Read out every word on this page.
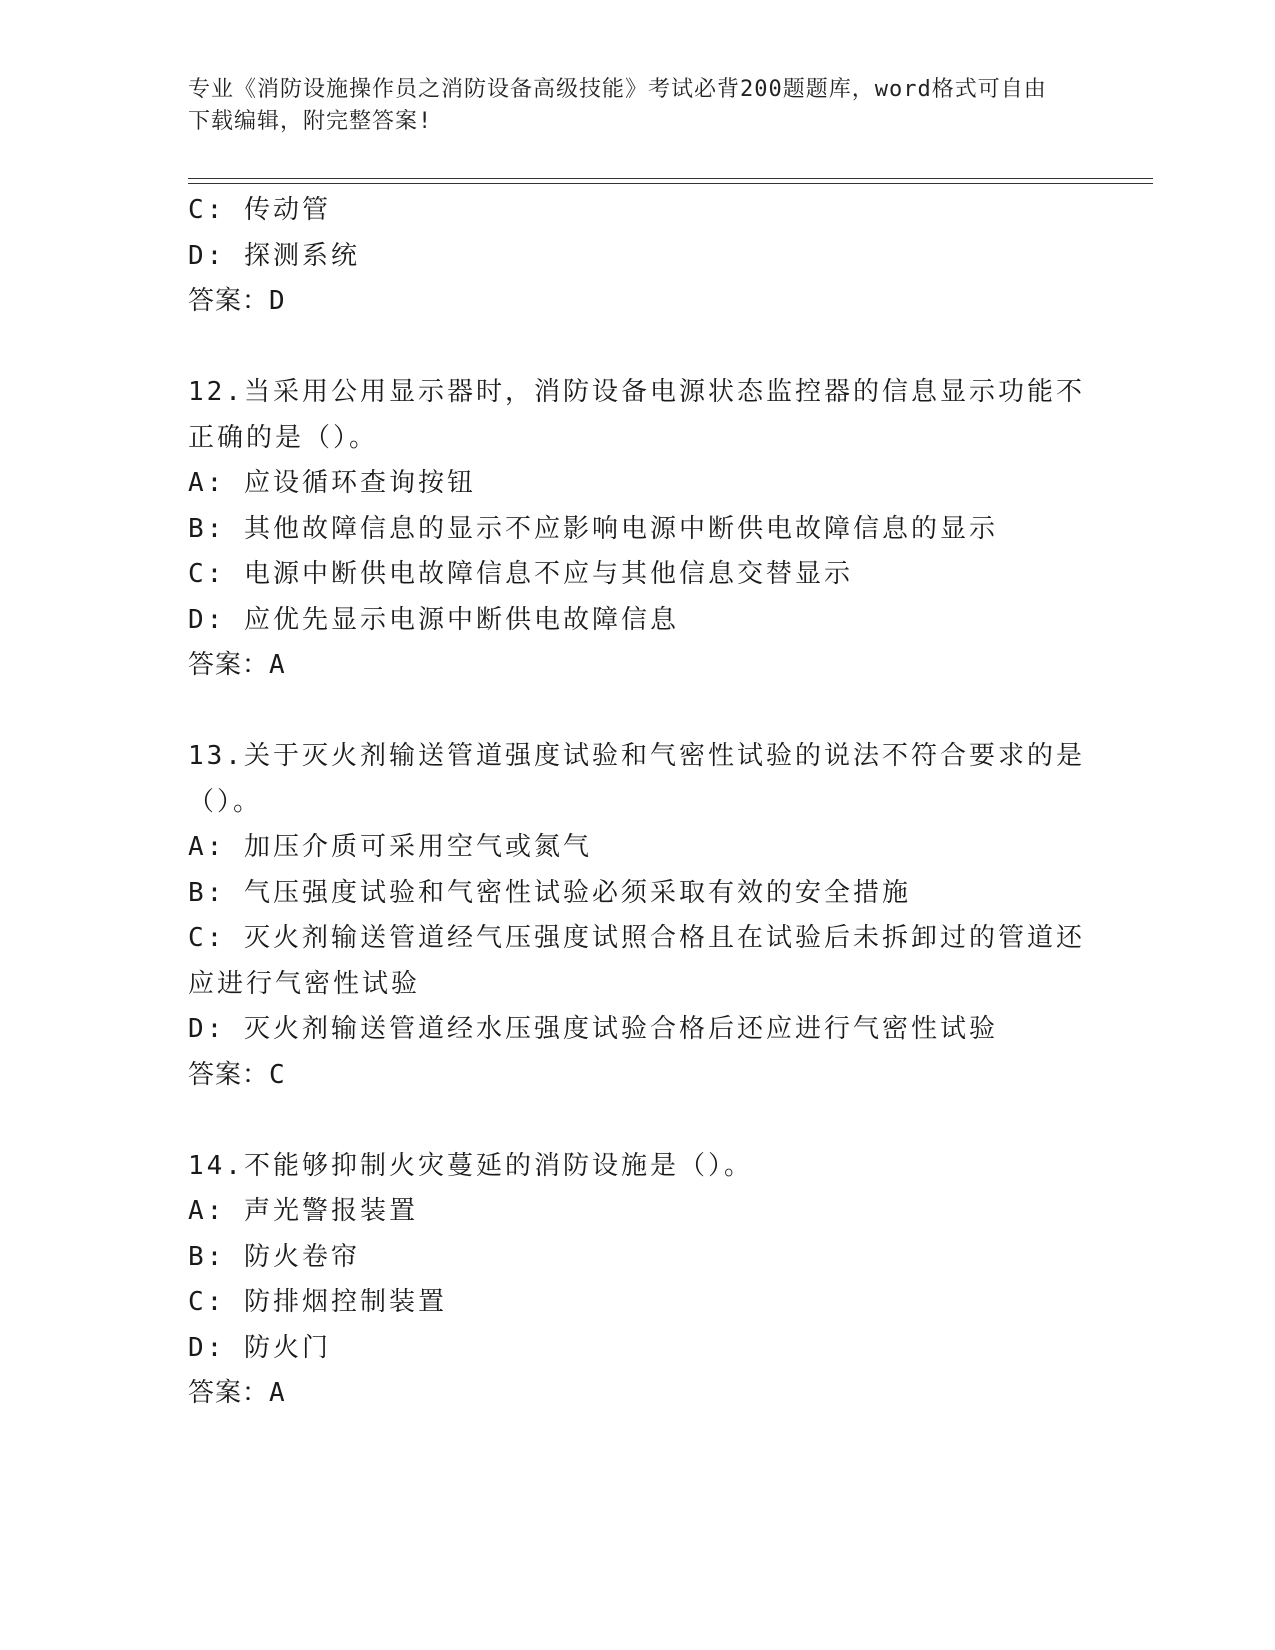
专业《消防设施操作员之消防设备高级技能》考试必背200题题库，word格式可自由下载编辑，附完整答案!
C: 传动管
D: 探测系统
答案：D
12.当采用公用显示器时，消防设备电源状态监控器的信息显示功能不正确的是（）。
A: 应设循环查询按钮
B: 其他故障信息的显示不应影响电源中断供电故障信息的显示
C: 电源中断供电故障信息不应与其他信息交替显示
D: 应优先显示电源中断供电故障信息
答案：A
13.关于灭火剂输送管道强度试验和气密性试验的说法不符合要求的是（）。
A: 加压介质可采用空气或氮气
B: 气压强度试验和气密性试验必须采取有效的安全措施
C: 灭火剂输送管道经气压强度试照合格且在试验后未拆卸过的管道还应进行气密性试验
D: 灭火剂输送管道经水压强度试验合格后还应进行气密性试验
答案：C
14.不能够抑制火灾蔓延的消防设施是（）。
A: 声光警报装置
B: 防火卷帘
C: 防排烟控制装置
D: 防火门
答案：A
